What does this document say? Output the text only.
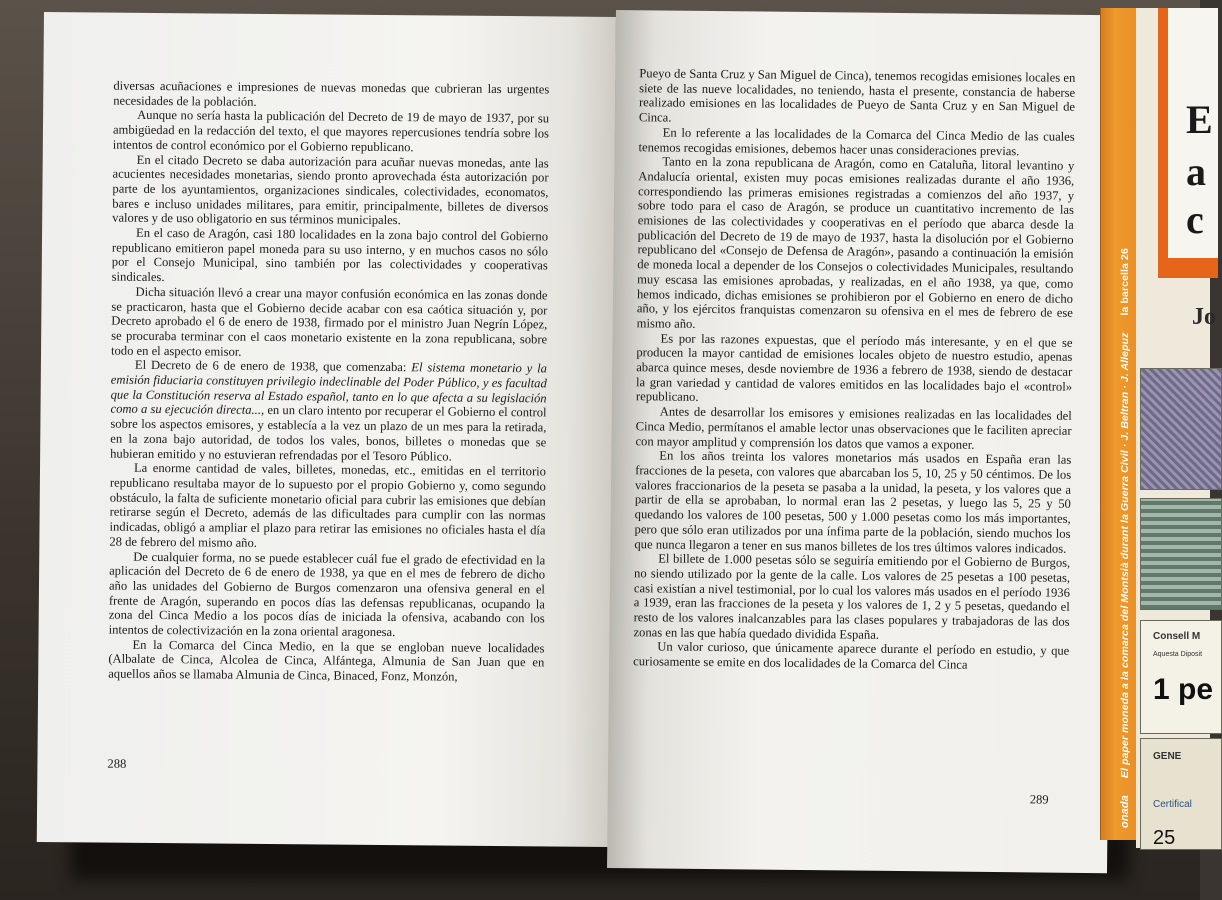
diversas acuñaciones e impresiones de nuevas monedas que cubrieran las urgentes necesidades de la población.

Aunque no sería hasta la publicación del Decreto de 19 de mayo de 1937, por su ambigüedad en la redacción del texto, el que mayores repercusiones tendría sobre los intentos de control económico por el Gobierno republicano.

En el citado Decreto se daba autorización para acuñar nuevas monedas, ante las acucientes necesidades monetarias, siendo pronto aprovechada ésta autorización por parte de los ayuntamientos, organizaciones sindicales, colectividades, economatos, bares e incluso unidades militares, para emitir, principalmente, billetes de diversos valores y de uso obligatorio en sus términos municipales.

En el caso de Aragón, casi 180 localidades en la zona bajo control del Gobierno republicano emitieron papel moneda para su uso interno, y en muchos casos no sólo por el Consejo Municipal, sino también por las colectividades y cooperativas sindicales.

Dicha situación llevó a crear una mayor confusión económica en las zonas donde se practicaron, hasta que el Gobierno decide acabar con esa caótica situación y, por Decreto aprobado el 6 de enero de 1938, firmado por el ministro Juan Negrín López, se procuraba terminar con el caos monetario existente en la zona republicana, sobre todo en el aspecto emisor.

El Decreto de 6 de enero de 1938, que comenzaba: El sistema monetario y la emisión fiduciaria constituyen privilegio indeclinable del Poder Público, y es facultad que la Constitución reserva al Estado español, tanto en lo que afecta a su legislación como a su ejecución directa..., en un claro intento por recuperar el Gobierno el control sobre los aspectos emisores, y establecía a la vez un plazo de un mes para la retirada, en la zona bajo autoridad, de todos los vales, bonos, billetes o monedas que se hubieran emitido y no estuvieran refrendadas por el Tesoro Público.

La enorme cantidad de vales, billetes, monedas, etc., emitidas en el territorio republicano resultaba mayor de lo supuesto por el propio Gobierno y, como segundo obstáculo, la falta de suficiente monetario oficial para cubrir las emisiones que debían retirarse según el Decreto, además de las dificultades para cumplir con las normas indicadas, obligó a ampliar el plazo para retirar las emisiones no oficiales hasta el día 28 de febrero del mismo año.

De cualquier forma, no se puede establecer cuál fue el grado de efectividad en la aplicación del Decreto de 6 de enero de 1938, ya que en el mes de febrero de dicho año las unidades del Gobierno de Burgos comenzaron una ofensiva general en el frente de Aragón, superando en pocos días las defensas republicanas, ocupando la zona del Cinca Medio a los pocos días de iniciada la ofensiva, acabando con los intentos de colectivización en la zona oriental aragonesa.

En la Comarca del Cinca Medio, en la que se engloban nueve localidades (Albalate de Cinca, Alcolea de Cinca, Alfántega, Almunia de San Juan que en aquellos años se llamaba Almunia de Cinca, Binaced, Fonz, Monzón,

288

Pueyo de Santa Cruz y San Miguel de Cinca), tenemos recogidas emisiones locales en siete de las nueve localidades, no teniendo, hasta el presente, constancia de haberse realizado emisiones en las localidades de Pueyo de Santa Cruz y en San Miguel de Cinca.

En lo referente a las localidades de la Comarca del Cinca Medio de las cuales tenemos recogidas emisiones, debemos hacer unas consideraciones previas.

Tanto en la zona republicana de Aragón, como en Cataluña, litoral levantino y Andalucía oriental, existen muy pocas emisiones realizadas durante el año 1936, correspondiendo las primeras emisiones registradas a comienzos del año 1937, y sobre todo para el caso de Aragón, se produce un cuantitativo incremento de las emisiones de las colectividades y cooperativas en el período que abarca desde la publicación del Decreto de 19 de mayo de 1937, hasta la disolución por el Gobierno republicano del «Consejo de Defensa de Aragón», pasando a continuación la emisión de moneda local a depender de los Consejos o colectividades Municipales, resultando muy escasa las emisiones aprobadas, y realizadas, en el año 1938, ya que, como hemos indicado, dichas emisiones se prohibieron por el Gobierno en enero de dicho año, y los ejércitos franquistas comenzaron su ofensiva en el mes de febrero de ese mismo año.

Es por las razones expuestas, que el período más interesante, y en el que se producen la mayor cantidad de emisiones locales objeto de nuestro estudio, apenas abarca quince meses, desde noviembre de 1936 a febrero de 1938, siendo de destacar la gran variedad y cantidad de valores emitidos en las localidades bajo el «control» republicano.

Antes de desarrollar los emisores y emisiones realizadas en las localidades del Cinca Medio, permítanos el amable lector unas observaciones que le faciliten apreciar con mayor amplitud y comprensión los datos que vamos a exponer.

En los años treinta los valores monetarios más usados en España eran las fracciones de la peseta, con valores que abarcaban los 5, 10, 25 y 50 céntimos. De los valores fraccionarios de la peseta se pasaba a la unidad, la peseta, y los valores que a partir de ella se aprobaban, lo normal eran las 2 pesetas, y luego las 5, 25 y 50 quedando los valores de 100 pesetas, 500 y 1.000 pesetas como los más importantes, pero que sólo eran utilizados por una ínfima parte de la población, siendo muchos los que nunca llegaron a tener en sus manos billetes de los tres últimos valores indicados.

El billete de 1.000 pesetas sólo se seguiría emitiendo por el Gobierno de Burgos, no siendo utilizado por la gente de la calle. Los valores de 25 pesetas a 100 pesetas, casi existían a nivel testimonial, por lo cual los valores más usados en el período 1936 a 1939, eran las fracciones de la peseta y los valores de 1, 2 y 5 pesetas, quedando el resto de los valores inalcanzables para las clases populares y trabajadoras de las dos zonas en las que había quedado dividida España.

Un valor curioso, que únicamente aparece durante el período en estudio, y que curiosamente se emite en dos localidades de la Comarca del Cinca

289	onada El paper moneda a la comarca del Montsià durant la Guerra Civil · J. Beltran · J. Allepuz la barcella 26
E
a
c
Jo
Consell M
Aquesta Diposit
1 pe
GENE
Certifical
25
